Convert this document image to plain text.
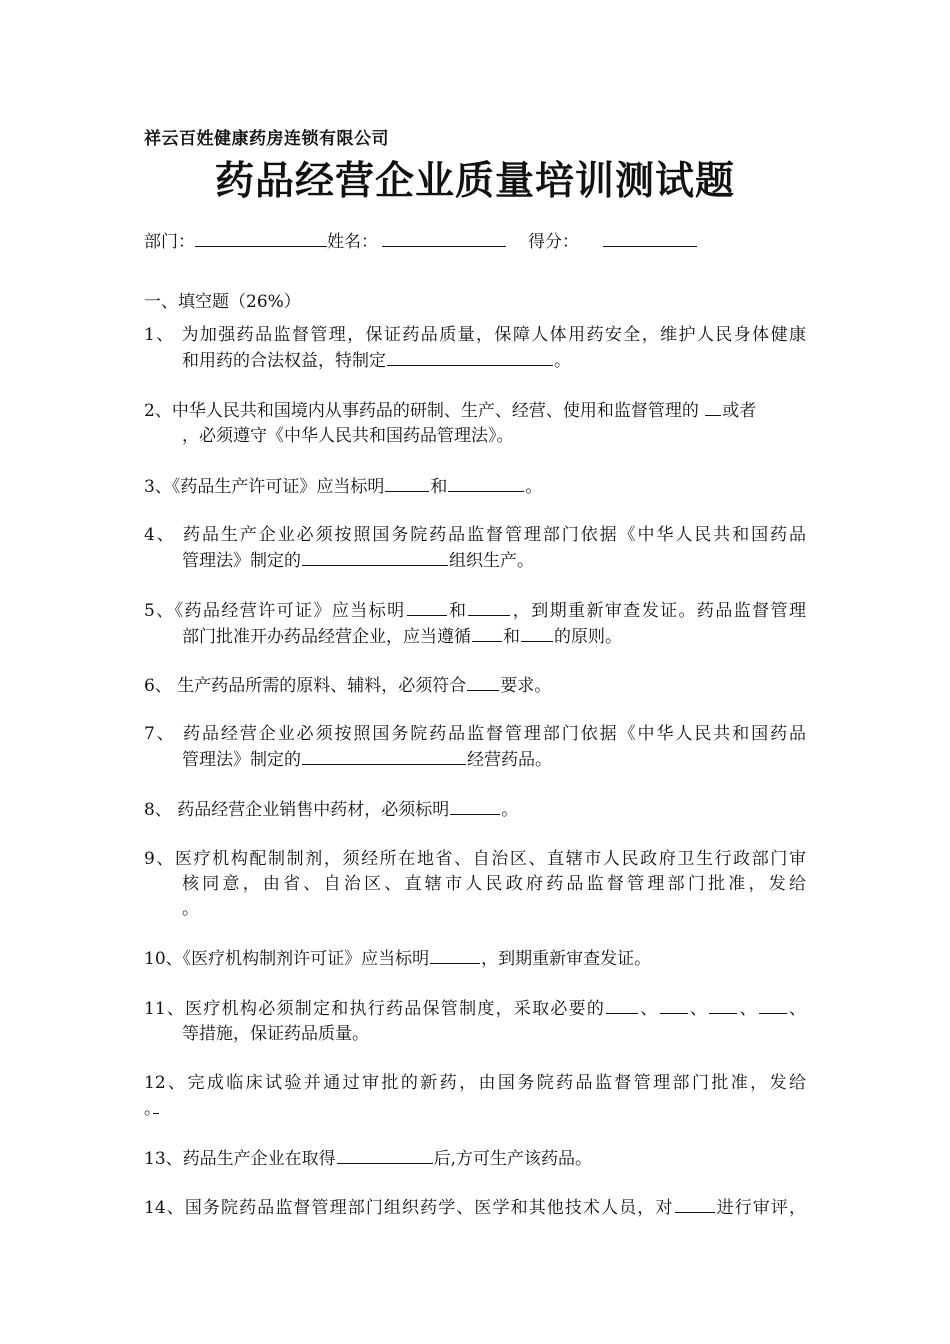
祥云百姓健康药房连锁有限公司
药品经营企业质量培训测试题
部门：	姓名：	得分：
一、填空题（26%）
1、 为加强药品监督管理，保证药品质量，保障人体用药安全，维护人民身体健康
和用药的合法权益，特制定	。
2、中华人民共和国境内从事药品的研制、生产、经营、使用和监督管理的 或者
，必须遵守《中华人民共和国药品管理法》。
3、《药品生产许可证》应当标明	和	。
4、 药品生产企业必须按照国务院药品监督管理部门依据《中华人民共和国药品
管理法》制定的	组织生产。
5、《药品经营许可证》应当标明 和	，到期重新审查发证。药品监督管理
部门批准开办药品经营企业，应当遵循 和 的原则。
6、 生产药品所需的原料、辅料，必须符合 要求。
7、 药品经营企业必须按照国务院药品监督管理部门依据《中华人民共和国药品
管理法》制定的	经营药品。
8、 药品经营企业销售中药材，必须标明	。
9、医疗机构配制制剂，须经所在地省、自治区、直辖市人民政府卫生行政部门审
核同意，由省、自治区、直辖市人民政府药品监督管理部门批准，发给
。
10、《医疗机构制剂许可证》应当标明	，到期重新审查发证。
11、医疗机构必须制定和执行药品保管制度，采取必要的 、 、 、 、
等措施，保证药品质量。
12、完成临床试验并通过审批的新药，由国务院药品监督管理部门批准，发给
。
13、药品生产企业在取得	后,方可生产该药品。
14、国务院药品监督管理部门组织药学、医学和其他技术人员，对 进行审评，
